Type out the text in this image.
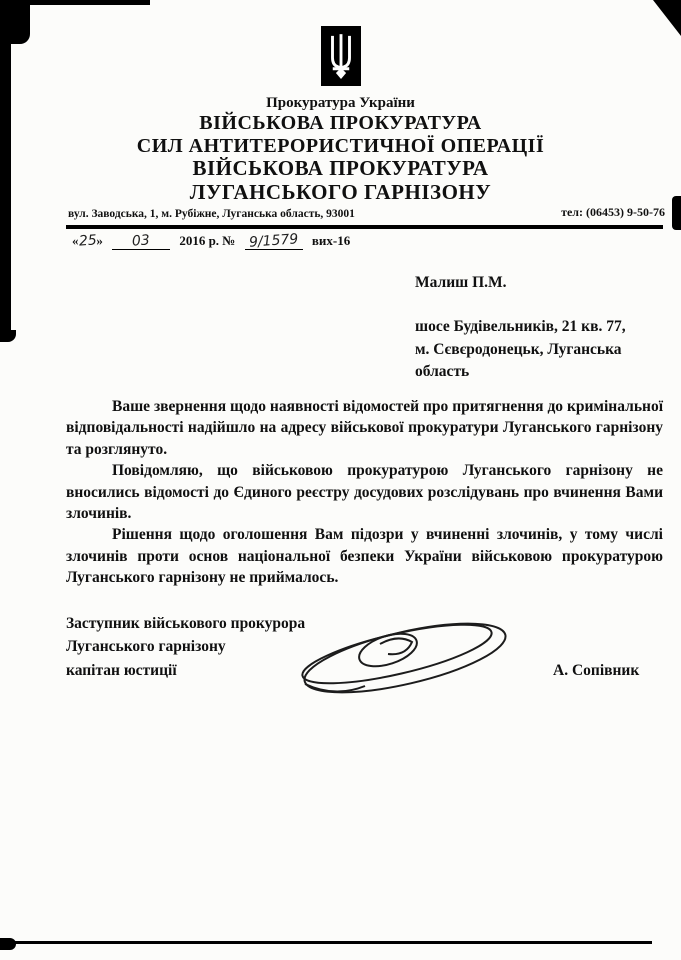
Прокуратура України
ВІЙСЬКОВА ПРОКУРАТУРА
СИЛ АНТИТЕРОРИСТИЧНОЇ ОПЕРАЦІЇ
ВІЙСЬКОВА ПРОКУРАТУРА
ЛУГАНСЬКОГО ГАРНІЗОНУ
вул. Заводська, 1, м. Рубіжне, Луганська область, 93001	тел: (06453) 9-50-76
«25» 03 2016 р. № 9/1579 вих-16
Малиш П.М.
шосе Будівельників, 21 кв. 77,
м. Сєвєродонецьк, Луганська
область

Ваше звернення щодо наявності відомостей про притягнення до кримінальної відповідальності надійшло на адресу військової прокуратури Луганського гарнізону та розглянуто.

Повідомляю, що військовою прокуратурою Луганського гарнізону не вносились відомості до Єдиного реєстру досудових розслідувань про вчинення Вами злочинів.

Рішення щодо оголошення Вам підозри у вчиненні злочинів, у тому числі злочинів проти основ національної безпеки України військовою прокуратурою Луганського гарнізону не приймалось.

Заступник військового прокурора
Луганського гарнізону
капітан юстиції	А. Сопівник
